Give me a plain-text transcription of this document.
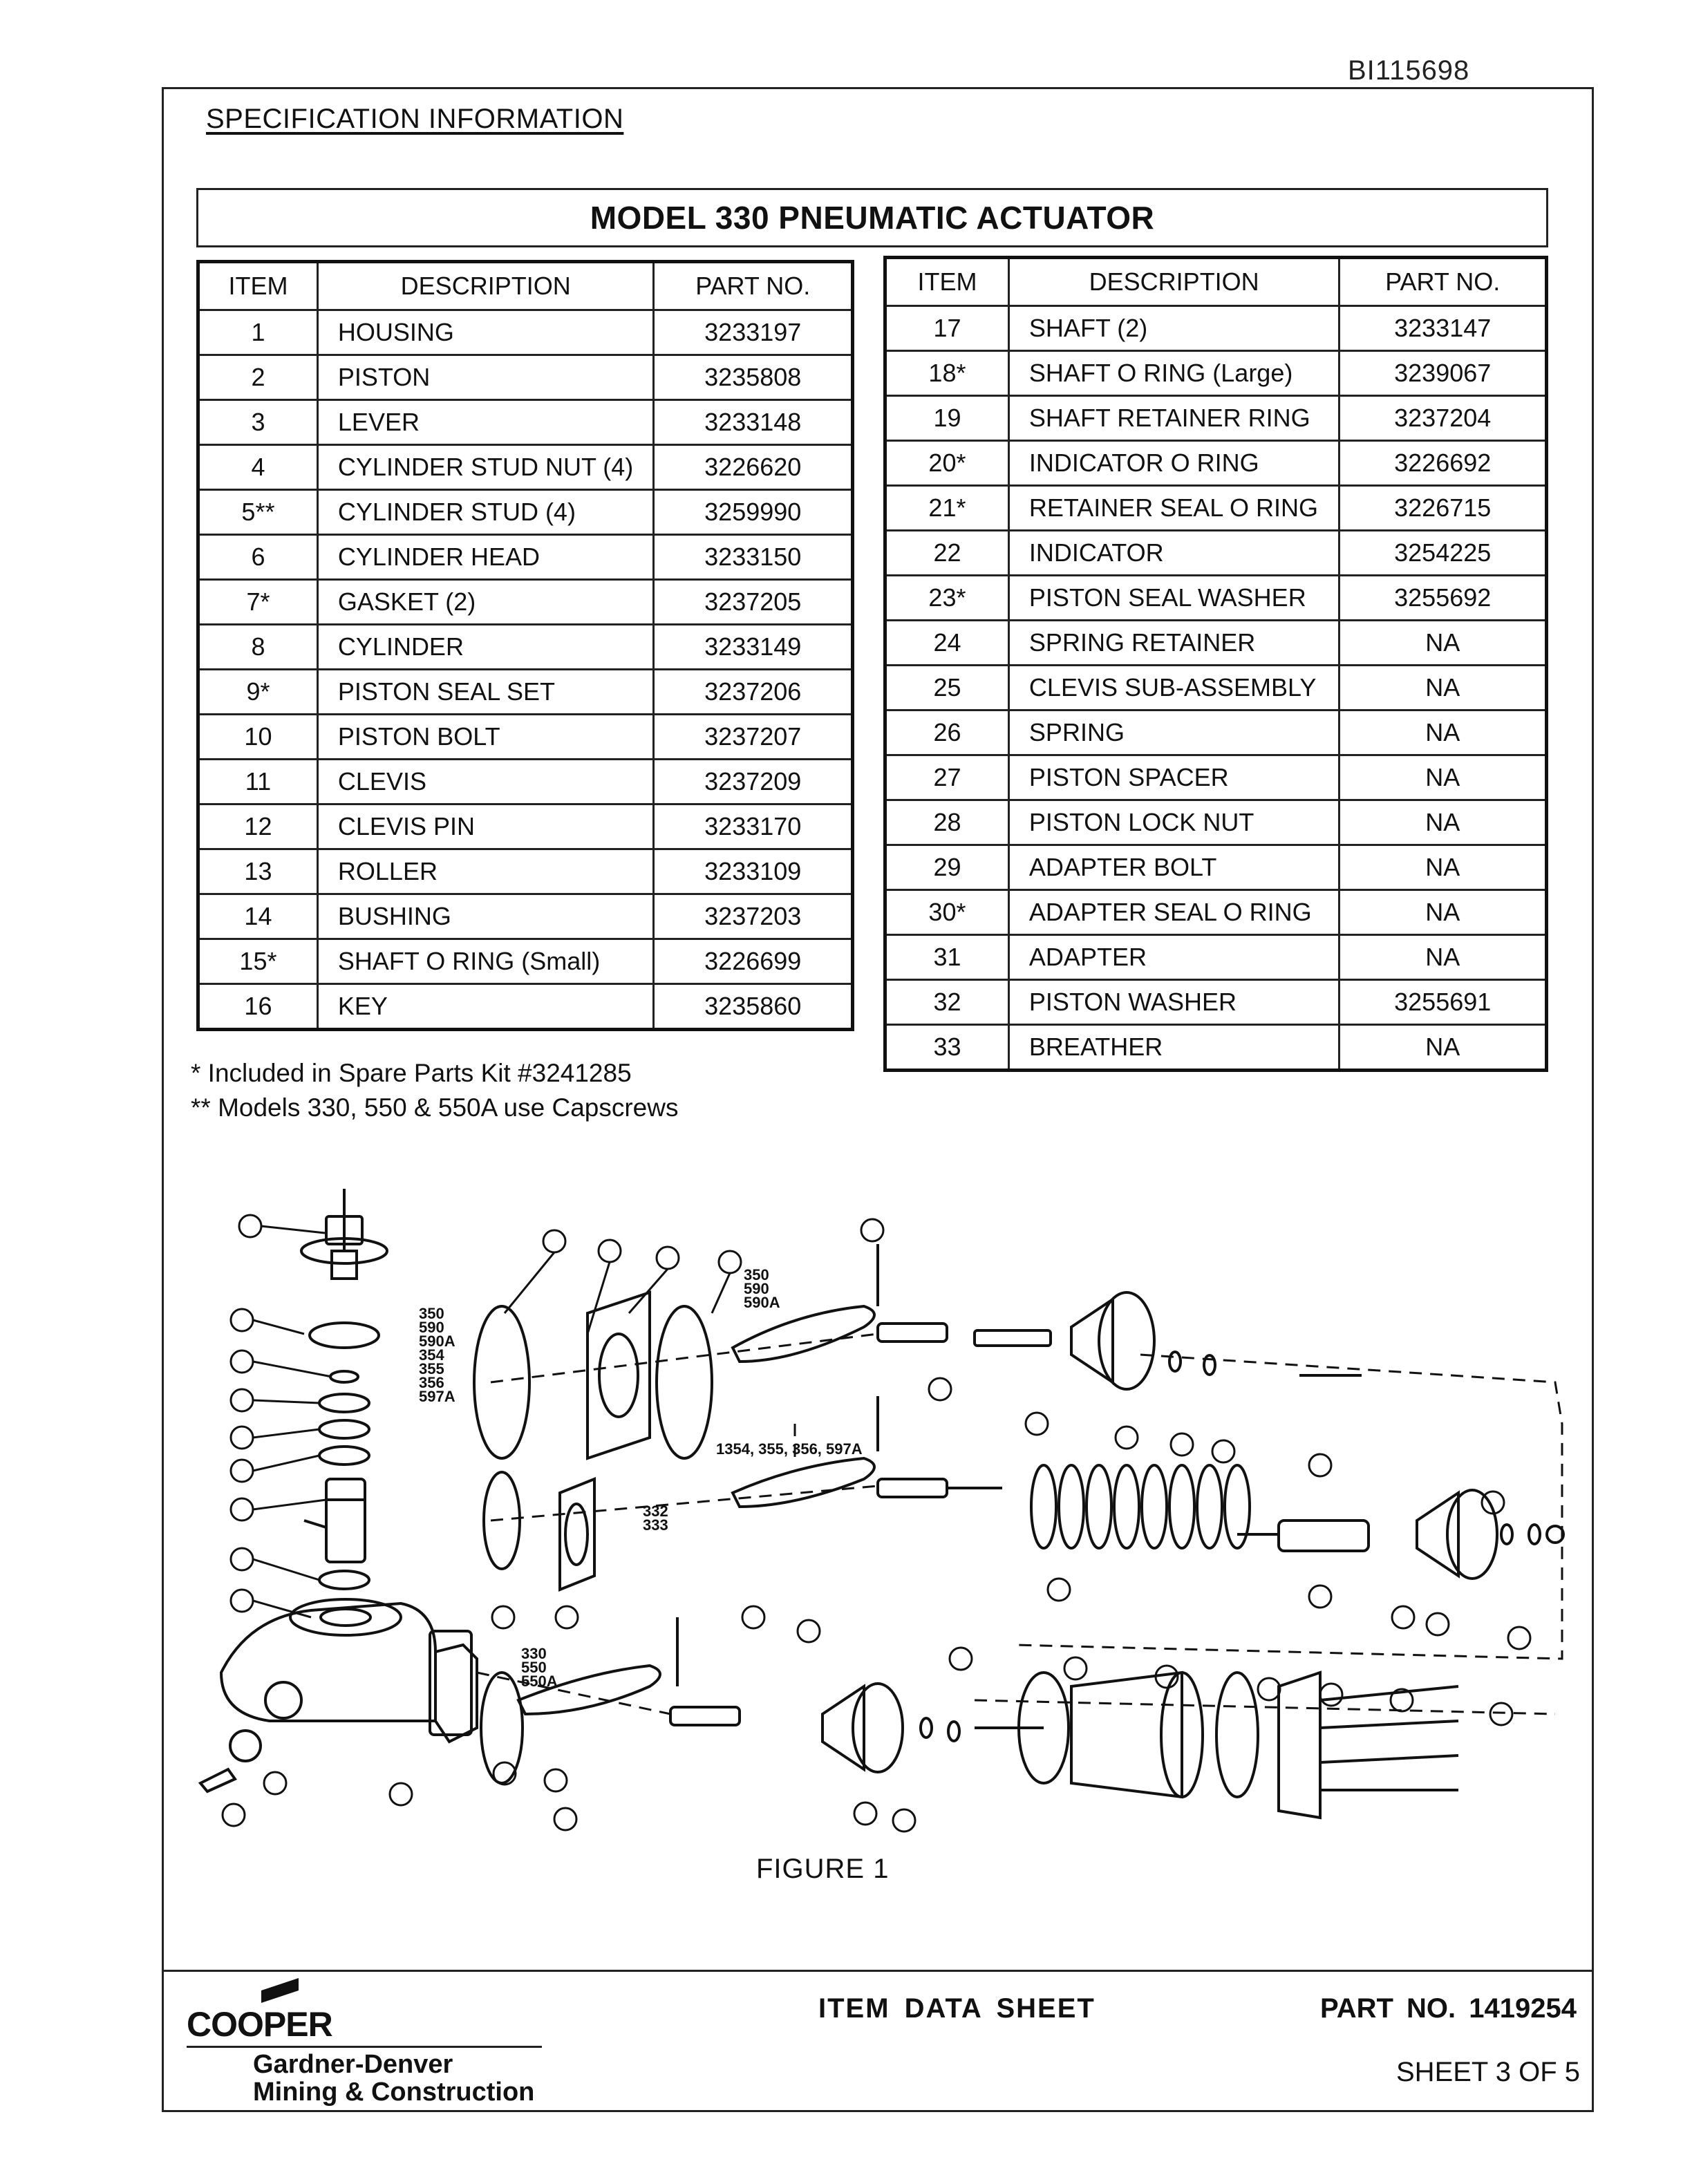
BI115698
SPECIFICATION INFORMATION
MODEL 330 PNEUMATIC ACTUATOR
ITEM	DESCRIPTION	PART NO.
1	HOUSING	3233197
2	PISTON	3235808
3	LEVER	3233148
4	CYLINDER STUD NUT (4)	3226620
5**	CYLINDER STUD (4)	3259990
6	CYLINDER HEAD	3233150
7*	GASKET (2)	3237205
8	CYLINDER	3233149
9*	PISTON SEAL SET	3237206
10	PISTON BOLT	3237207
11	CLEVIS	3237209
12	CLEVIS PIN	3233170
13	ROLLER	3233109
14	BUSHING	3237203
15*	SHAFT O RING (Small)	3226699
16	KEY	3235860
ITEM	DESCRIPTION	PART NO.
17	SHAFT (2)	3233147
18*	SHAFT O RING (Large)	3239067
19	SHAFT RETAINER RING	3237204
20*	INDICATOR O RING	3226692
21*	RETAINER SEAL O RING	3226715
22	INDICATOR	3254225
23*	PISTON SEAL WASHER	3255692
24	SPRING RETAINER	NA
25	CLEVIS SUB-ASSEMBLY	NA
26	SPRING	NA
27	PISTON SPACER	NA
28	PISTON LOCK NUT	NA
29	ADAPTER BOLT	NA
30*	ADAPTER SEAL O RING	NA
31	ADAPTER	NA
32	PISTON WASHER	3255691
33	BREATHER	NA
* Included in Spare Parts Kit #3241285
** Models 330, 550 & 550A use Capscrews
350
590
590A
354
355
356
597A
350
590
590A
1354, 355, 356, 597A
332
333
330
550
550A
FIGURE 1
COOPER
Gardner-Denver
Mining & Construction
ITEM DATA SHEET	PART NO. 1419254
SHEET 3 OF 5
